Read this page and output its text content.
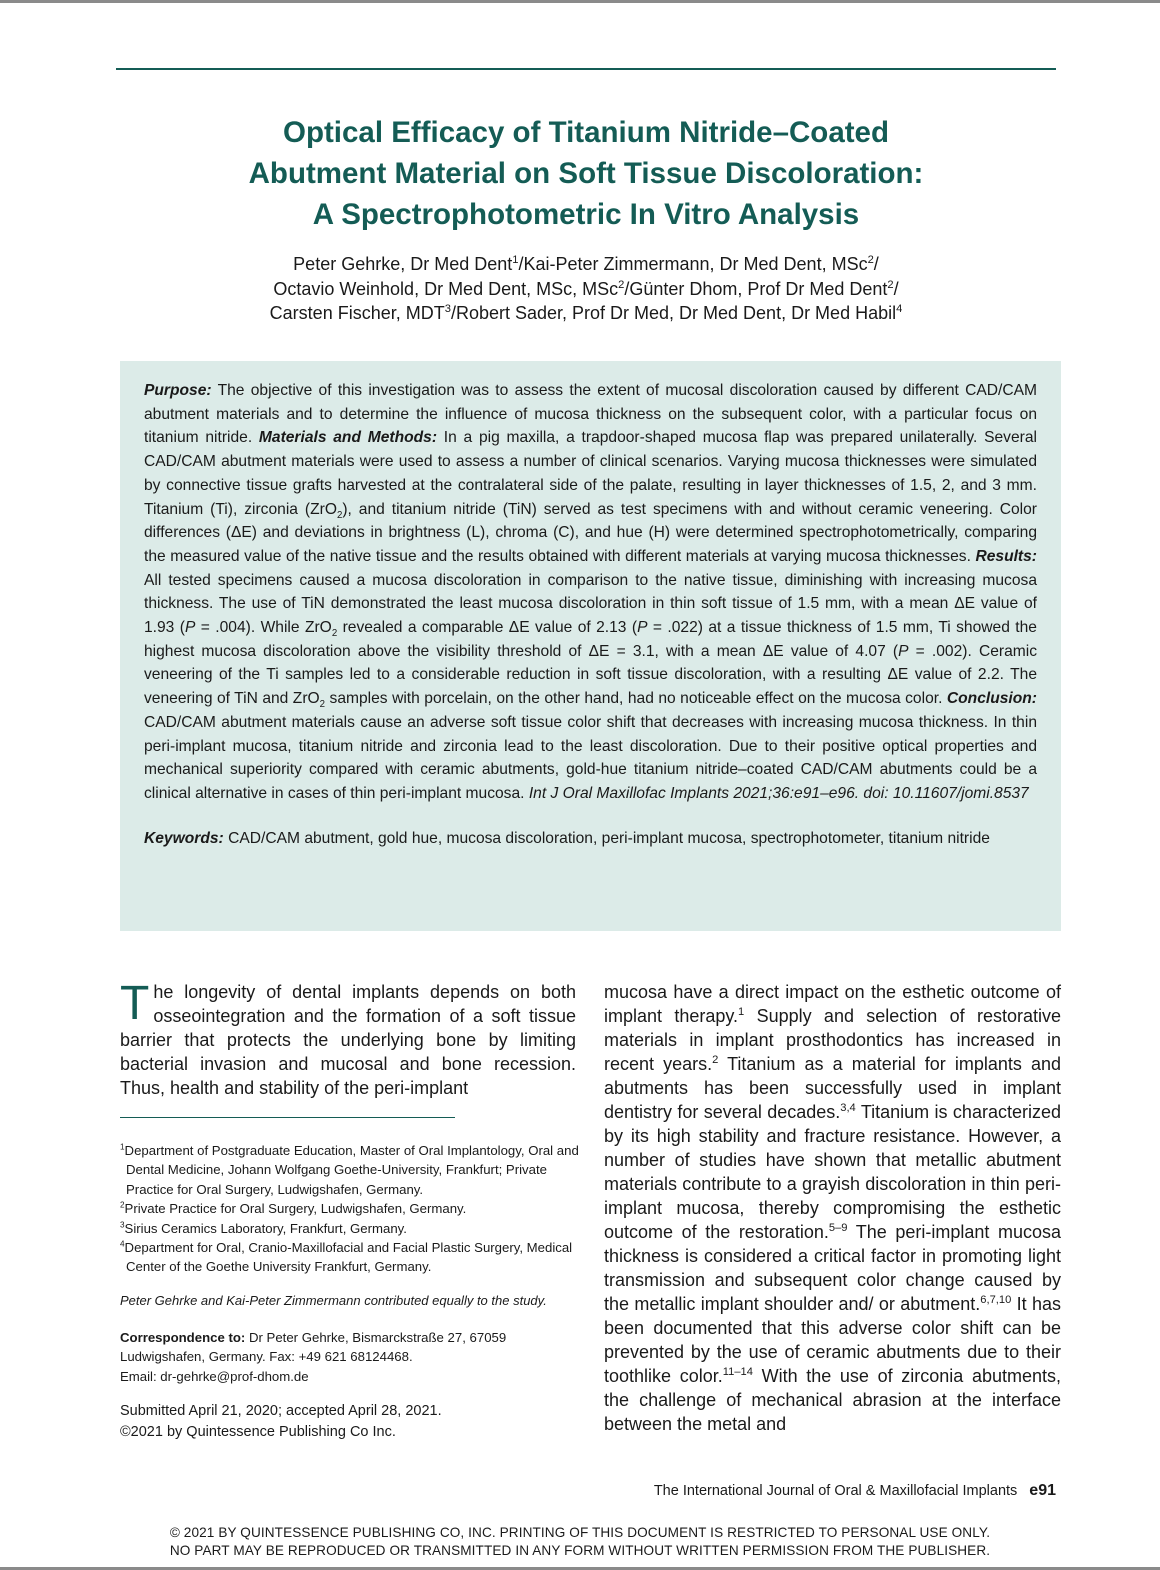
Optical Efficacy of Titanium Nitride–Coated
Abutment Material on Soft Tissue Discoloration:
A Spectrophotometric In Vitro Analysis
Peter Gehrke, Dr Med Dent$^1$/Kai-Peter Zimmermann, Dr Med Dent, MSc$^2$/
Octavio Weinhold, Dr Med Dent, MSc, MSc$^2$/Günter Dhom, Prof Dr Med Dent$^2$/
Carsten Fischer, MDT$^3$/Robert Sader, Prof Dr Med, Dr Med Dent, Dr Med Habil$^4$

Purpose: The objective of this investigation was to assess the extent of mucosal discoloration caused by different CAD/CAM abutment materials and to determine the influence of mucosa thickness on the subsequent color, with a particular focus on titanium nitride. Materials and Methods: In a pig maxilla, a trapdoor-shaped mucosa flap was prepared unilaterally. Several CAD/CAM abutment materials were used to assess a number of clinical scenarios. Varying mucosa thicknesses were simulated by connective tissue grafts harvested at the contralateral side of the palate, resulting in layer thicknesses of 1.5, 2, and 3 mm. Titanium (Ti), zirconia (ZrO$_2$), and titanium nitride (TiN) served as test specimens with and without ceramic veneering. Color differences (ΔE) and deviations in brightness (L), chroma (C), and hue (H) were determined spectrophotometrically, comparing the measured value of the native tissue and the results obtained with different materials at varying mucosa thicknesses. Results: All tested specimens caused a mucosa discoloration in comparison to the native tissue, diminishing with increasing mucosa thickness. The use of TiN demonstrated the least mucosa discoloration in thin soft tissue of 1.5 mm, with a mean ΔE value of 1.93 (P = .004). While ZrO$_2$ revealed a comparable ΔE value of 2.13 (P = .022) at a tissue thickness of 1.5 mm, Ti showed the highest mucosa discoloration above the visibility threshold of ΔE = 3.1, with a mean ΔE value of 4.07 (P = .002). Ceramic veneering of the Ti samples led to a considerable reduction in soft tissue discoloration, with a resulting ΔE value of 2.2. The veneering of TiN and ZrO$_2$ samples with porcelain, on the other hand, had no noticeable effect on the mucosa color. Conclusion: CAD/CAM abutment materials cause an adverse soft tissue color shift that decreases with increasing mucosa thickness. In thin peri-implant mucosa, titanium nitride and zirconia lead to the least discoloration. Due to their positive optical properties and mechanical superiority compared with ceramic abutments, gold-hue titanium nitride–coated CAD/CAM abutments could be a clinical alternative in cases of thin peri-implant mucosa. Int J Oral Maxillofac Implants 2021;36:e91–e96. doi: 10.11607/jomi.8537

Keywords: CAD/CAM abutment, gold hue, mucosa discoloration, peri-implant mucosa, spectrophotometer, titanium nitride

The longevity of dental implants depends on both osseointegration and the formation of a soft tissue barrier that protects the underlying bone by limiting bacterial invasion and mucosal and bone recession. Thus, health and stability of the peri-implant
$^1$Department of Postgraduate Education, Master of Oral Implantology, Oral and Dental Medicine, Johann Wolfgang Goethe-University, Frankfurt; Private Practice for Oral Surgery, Ludwigshafen, Germany.
$^2$Private Practice for Oral Surgery, Ludwigshafen, Germany.
$^3$Sirius Ceramics Laboratory, Frankfurt, Germany.
$^4$Department for Oral, Cranio-Maxillofacial and Facial Plastic Surgery, Medical Center of the Goethe University Frankfurt, Germany.
Peter Gehrke and Kai-Peter Zimmermann contributed equally to the study.
Correspondence to: Dr Peter Gehrke, Bismarckstraße 27, 67059 Ludwigshafen, Germany. Fax: +49 621 68124468.
Email: dr-gehrke@prof-dhom.de
Submitted April 21, 2020; accepted April 28, 2021.
©2021 by Quintessence Publishing Co Inc.
mucosa have a direct impact on the esthetic outcome of implant therapy.$^1$ Supply and selection of restorative materials in implant prosthodontics has increased in recent years.$^2$ Titanium as a material for implants and abutments has been successfully used in implant dentistry for several decades.$^{3,4}$ Titanium is characterized by its high stability and fracture resistance. However, a number of studies have shown that metallic abutment materials contribute to a grayish discoloration in thin peri-implant mucosa, thereby compromising the esthetic outcome of the restoration.$^{5-9}$ The peri-implant mucosa thickness is considered a critical factor in promoting light transmission and subsequent color change caused by the metallic implant shoulder and/ or abutment.$^{6,7,10}$ It has been documented that this adverse color shift can be prevented by the use of ceramic abutments due to their toothlike color.$^{11-14}$ With the use of zirconia abutments, the challenge of mechanical abrasion at the interface between the metal and
The International Journal of Oral & Maxillofacial Implants e91
© 2021 BY QUINTESSENCE PUBLISHING CO, INC. PRINTING OF THIS DOCUMENT IS RESTRICTED TO PERSONAL USE ONLY.
NO PART MAY BE REPRODUCED OR TRANSMITTED IN ANY FORM WITHOUT WRITTEN PERMISSION FROM THE PUBLISHER.
